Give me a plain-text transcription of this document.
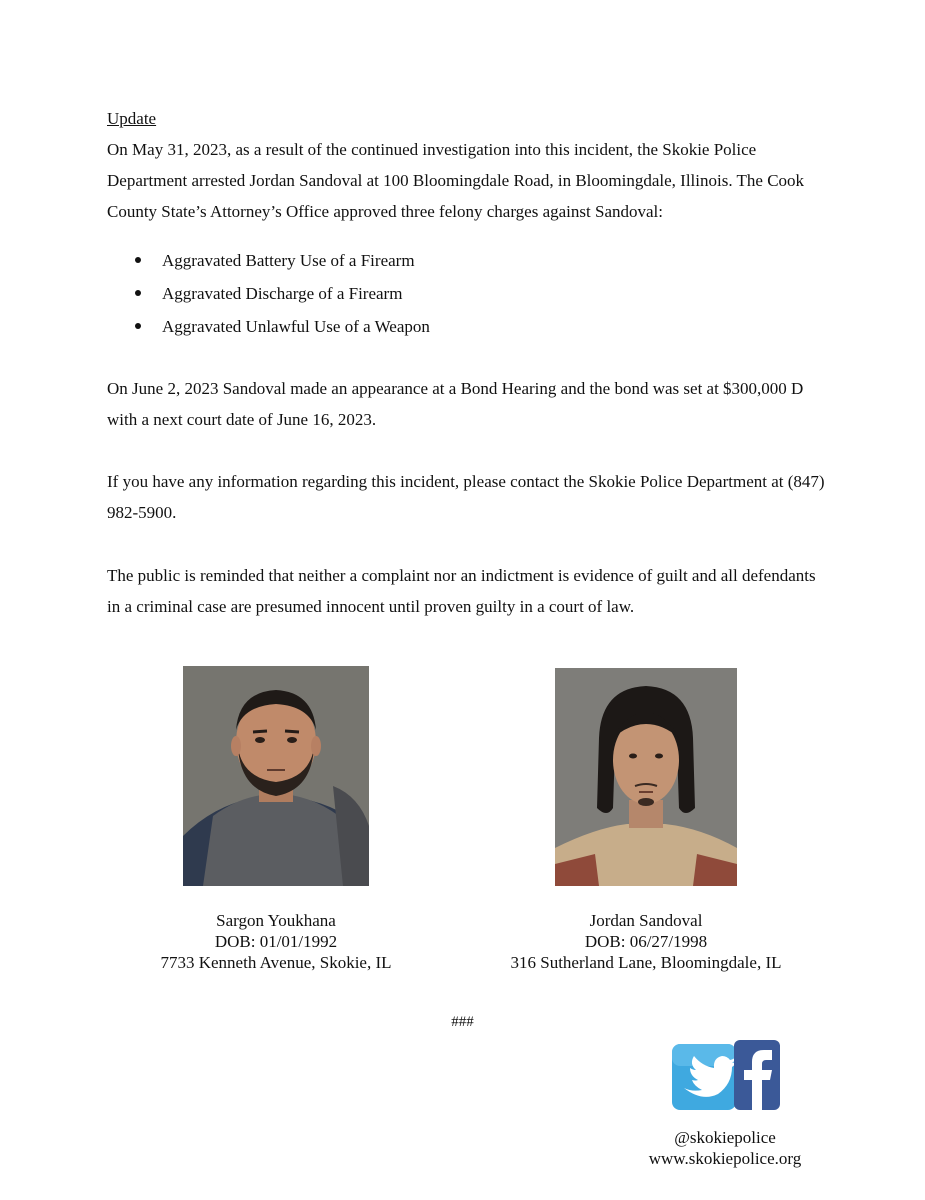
Update

On May 31, 2023, as a result of the continued investigation into this incident, the Skokie Police Department arrested Jordan Sandoval at 100 Bloomingdale Road, in Bloomingdale, Illinois. The Cook County State’s Attorney’s Office approved three felony charges against Sandoval:

Aggravated Battery Use of a Firearm
Aggravated Discharge of a Firearm
Aggravated Unlawful Use of a Weapon

On June 2, 2023 Sandoval made an appearance at a Bond Hearing and the bond was set at $300,000 D with a next court date of June 16, 2023.

If you have any information regarding this incident, please contact the Skokie Police Department at (847) 982-5900.

The public is reminded that neither a complaint nor an indictment is evidence of guilt and all defendants in a criminal case are presumed innocent until proven guilty in a court of law.

Sargon Youkhana
DOB: 01/01/1992
7733 Kenneth Avenue, Skokie, IL
Jordan Sandoval
DOB: 06/27/1998
316 Sutherland Lane, Bloomingdale, IL
###
@skokiepolice
www.skokiepolice.org
